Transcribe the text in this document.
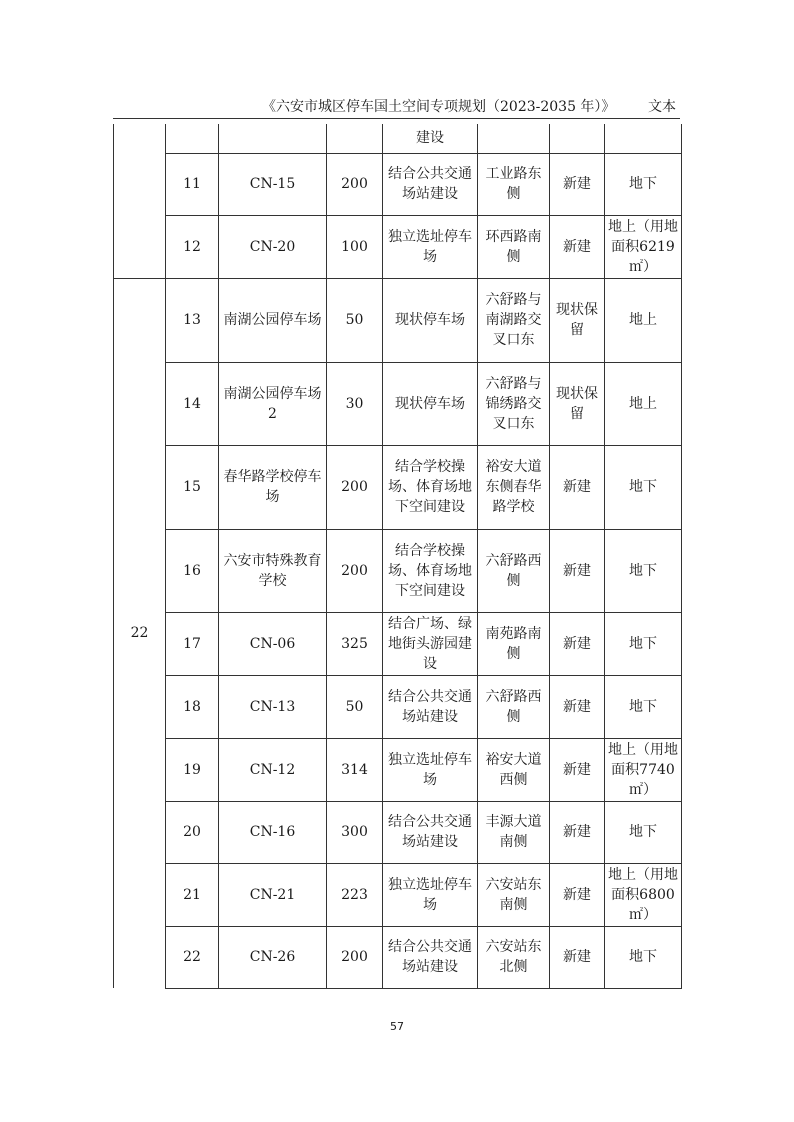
《六安市城区停车国土空间专项规划（2023-2035 年）》 文本
				建设			
	11	CN-15	200	结合公共交通场站建设	工业路东侧	新建	地下
	12	CN-20	100	独立选址停车场	环西路南侧	新建	地上（用地面积6219㎡）
22	13	南湖公园停车场	50	现状停车场	六舒路与南湖路交叉口东	现状保留	地上
	14	南湖公园停车场 2	30	现状停车场	六舒路与锦绣路交叉口东	现状保留	地上
	15	春华路学校停车场	200	结合学校操场、体育场地下空间建设	裕安大道东侧春华路学校	新建	地下
	16	六安市特殊教育学校	200	结合学校操场、体育场地下空间建设	六舒路西侧	新建	地下
	17	CN-06	325	结合广场、绿地街头游园建设	南苑路南侧	新建	地下
	18	CN-13	50	结合公共交通场站建设	六舒路西侧	新建	地下
	19	CN-12	314	独立选址停车场	裕安大道西侧	新建	地上（用地面积7740㎡）
	20	CN-16	300	结合公共交通场站建设	丰源大道南侧	新建	地下
	21	CN-21	223	独立选址停车场	六安站东南侧	新建	地上（用地面积6800㎡）
	22	CN-26	200	结合公共交通场站建设	六安站东北侧	新建	地下
57
